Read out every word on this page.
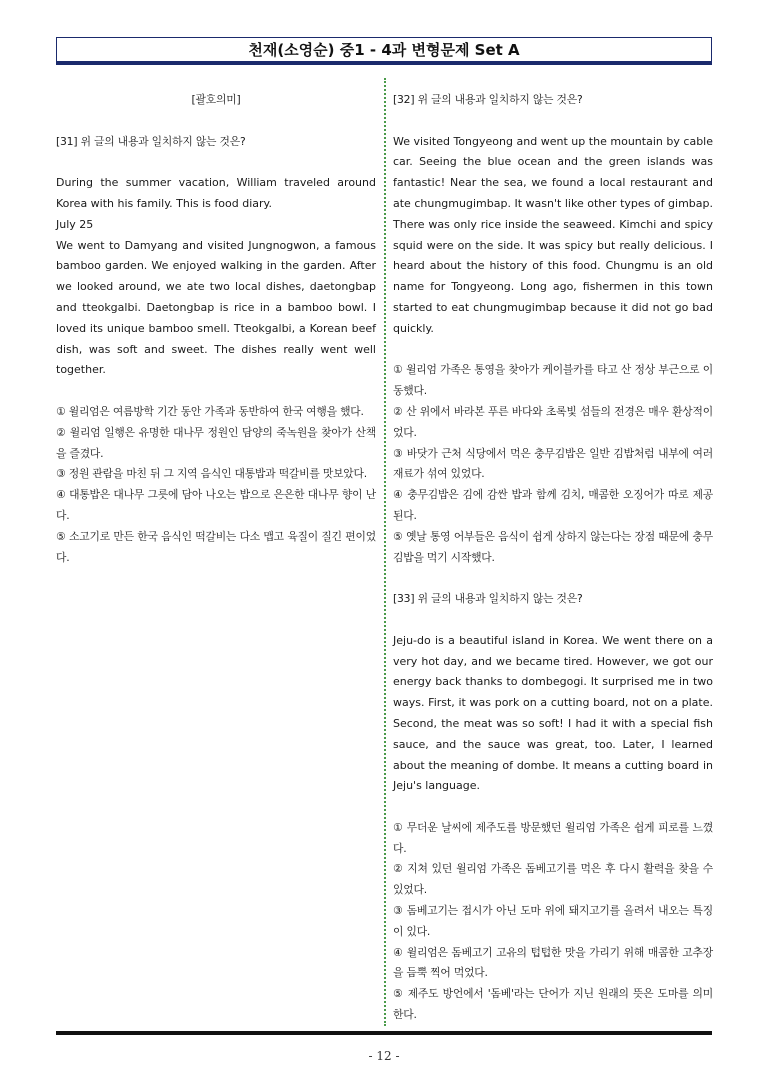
천재(소영순) 중1 - 4과 변형문제 Set A

[괄호의미]

[31] 위 글의 내용과 일치하지 않는 것은?

During the summer vacation, William traveled around Korea with his family. This is food diary.

July 25

We went to Damyang and visited Jungnogwon, a famous bamboo garden. We enjoyed walking in the garden. After we looked around, we ate two local dishes, daetongbap and tteokgalbi. Daetongbap is rice in a bamboo bowl. I loved its unique bamboo smell. Tteokgalbi, a Korean beef dish, was soft and sweet. The dishes really went well together.

① 윌리엄은 여름방학 기간 동안 가족과 동반하여 한국 여행을 했다.

② 윌리엄 일행은 유명한 대나무 정원인 담양의 죽녹원을 찾아가 산책을 즐겼다.

③ 정원 관람을 마친 뒤 그 지역 음식인 대통밥과 떡갈비를 맛보았다.

④ 대통밥은 대나무 그릇에 담아 나오는 밥으로 은은한 대나무 향이 난다.

⑤ 소고기로 만든 한국 음식인 떡갈비는 다소 맵고 육질이 질긴 편이었다.

[32] 위 글의 내용과 일치하지 않는 것은?

We visited Tongyeong and went up the mountain by cable car. Seeing the blue ocean and the green islands was fantastic! Near the sea, we found a local restaurant and ate chungmugimbap. It wasn't like other types of gimbap. There was only rice inside the seaweed. Kimchi and spicy squid were on the side. It was spicy but really delicious. I heard about the history of this food. Chungmu is an old name for Tongyeong. Long ago, fishermen in this town started to eat chungmugimbap because it did not go bad quickly.

① 윌리엄 가족은 통영을 찾아가 케이블카를 타고 산 정상 부근으로 이동했다.

② 산 위에서 바라본 푸른 바다와 초록빛 섬들의 전경은 매우 환상적이었다.

③ 바닷가 근처 식당에서 먹은 충무김밥은 일반 김밥처럼 내부에 여러 재료가 섞여 있었다.

④ 충무김밥은 김에 감싼 밥과 함께 김치, 매콤한 오징어가 따로 제공된다.

⑤ 옛날 통영 어부들은 음식이 쉽게 상하지 않는다는 장점 때문에 충무김밥을 먹기 시작했다.

[33] 위 글의 내용과 일치하지 않는 것은?

Jeju-do is a beautiful island in Korea. We went there on a very hot day, and we became tired. However, we got our energy back thanks to dombegogi. It surprised me in two ways. First, it was pork on a cutting board, not on a plate. Second, the meat was so soft! I had it with a special fish sauce, and the sauce was great, too. Later, I learned about the meaning of dombe. It means a cutting board in Jeju's language.

① 무더운 날씨에 제주도를 방문했던 윌리엄 가족은 쉽게 피로를 느꼈다.

② 지쳐 있던 윌리엄 가족은 돔베고기를 먹은 후 다시 활력을 찾을 수 있었다.

③ 돔베고기는 접시가 아닌 도마 위에 돼지고기를 올려서 내오는 특징이 있다.

④ 윌리엄은 돔베고기 고유의 텁텁한 맛을 가리기 위해 매콤한 고추장을 듬뿍 찍어 먹었다.

⑤ 제주도 방언에서 '돔베'라는 단어가 지닌 원래의 뜻은 도마를 의미한다.

- 12 -
